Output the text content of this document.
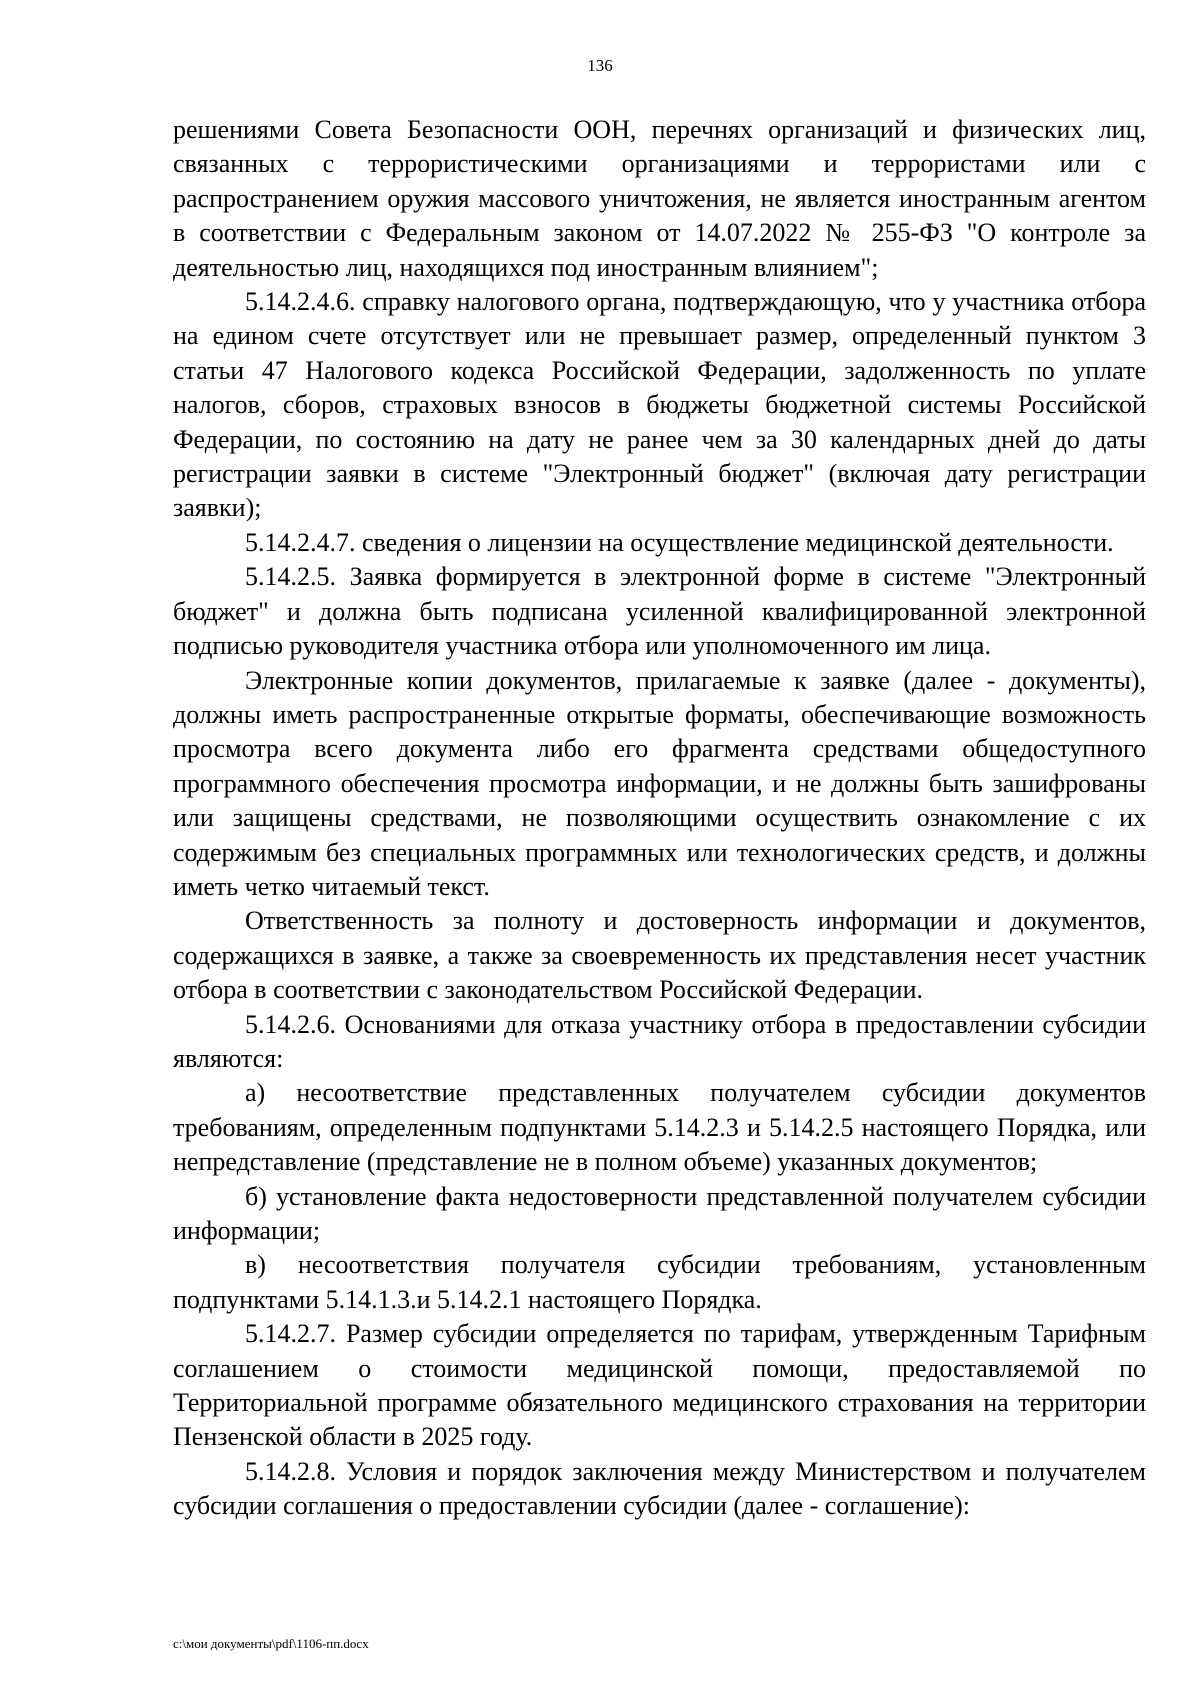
136

решениями Совета Безопасности ООН, перечнях организаций и физических лиц, связанных с террористическими организациями и террористами или с распространением оружия массового уничтожения, не является иностранным агентом в соответствии с Федеральным законом от 14.07.2022 № 255-ФЗ "О контроле за деятельностью лиц, находящихся под иностранным влиянием";

5.14.2.4.6. справку налогового органа, подтверждающую, что у участника отбора на едином счете отсутствует или не превышает размер, определенный пунктом 3 статьи 47 Налогового кодекса Российской Федерации, задолженность по уплате налогов, сборов, страховых взносов в бюджеты бюджетной системы Российской Федерации, по состоянию на дату не ранее чем за 30 календарных дней до даты регистрации заявки в системе "Электронный бюджет" (включая дату регистрации заявки);

5.14.2.4.7. сведения о лицензии на осуществление медицинской деятельности.

5.14.2.5. Заявка формируется в электронной форме в системе "Электронный бюджет" и должна быть подписана усиленной квалифицированной электронной подписью руководителя участника отбора или уполномоченного им лица.

Электронные копии документов, прилагаемые к заявке (далее - документы), должны иметь распространенные открытые форматы, обеспечивающие возможность просмотра всего документа либо его фрагмента средствами общедоступного программного обеспечения просмотра информации, и не должны быть зашифрованы или защищены средствами, не позволяющими осуществить ознакомление с их содержимым без специальных программных или технологических средств, и должны иметь четко читаемый текст.

Ответственность за полноту и достоверность информации и документов, содержащихся в заявке, а также за своевременность их представления несет участник отбора в соответствии с законодательством Российской Федерации.

5.14.2.6. Основаниями для отказа участнику отбора в предоставлении субсидии являются:

а) несоответствие представленных получателем субсидии документов требованиям, определенным подпунктами 5.14.2.3 и 5.14.2.5 настоящего Порядка, или непредставление (представление не в полном объеме) указанных документов;

б) установление факта недостоверности представленной получателем субсидии информации;

в) несоответствия получателя субсидии требованиям, установленным подпунктами 5.14.1.3.и 5.14.2.1 настоящего Порядка.

5.14.2.7. Размер субсидии определяется по тарифам, утвержденным Тарифным соглашением о стоимости медицинской помощи, предоставляемой по Территориальной программе обязательного медицинского страхования на территории Пензенской области в 2025 году.

5.14.2.8. Условия и порядок заключения между Министерством и получателем субсидии соглашения о предоставлении субсидии (далее - соглашение):

c:\мои документы\pdf\1106-пп.docx
